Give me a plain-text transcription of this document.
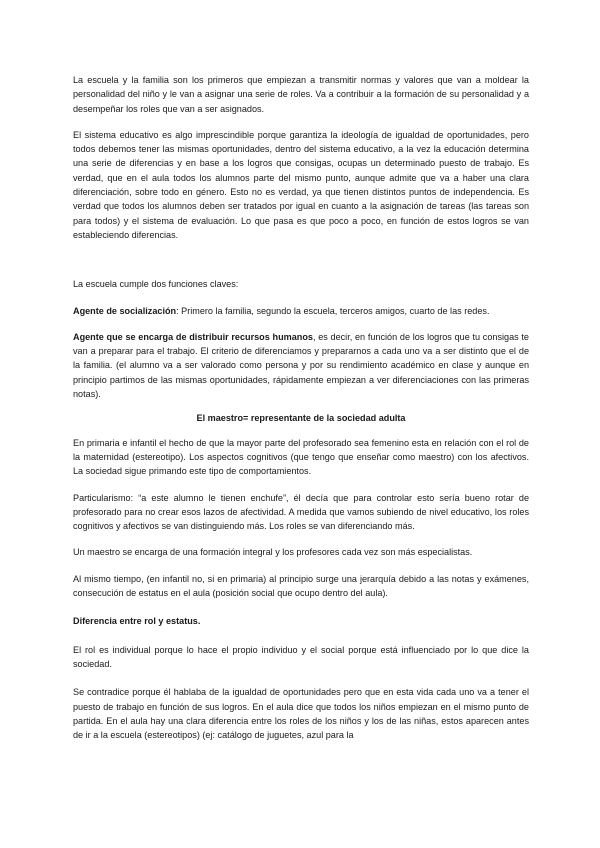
La escuela y la familia son los primeros que empiezan a transmitir normas y valores que van a moldear la personalidad del niño y le van a asignar una serie de roles. Va a contribuir a la formación de su personalidad y a desempeñar los roles que van a ser asignados.

El sistema educativo es algo imprescindible porque garantiza la ideología de igualdad de oportunidades, pero todos debemos tener las mismas oportunidades, dentro del sistema educativo, a la vez la educación determina una serie de diferencias y en base a los logros que consigas, ocupas un determinado puesto de trabajo. Es verdad, que en el aula todos los alumnos parte del mismo punto, aunque admite que va a haber una clara diferenciación, sobre todo en género. Esto no es verdad, ya que tienen distintos puntos de independencia. Es verdad que todos los alumnos deben ser tratados por igual en cuanto a la asignación de tareas (las tareas son para todos) y el sistema de evaluación. Lo que pasa es que poco a poco, en función de estos logros se van estableciendo diferencias.

La escuela cumple dos funciones claves:

Agente de socialización: Primero la familia, segundo la escuela, terceros amigos, cuarto de las redes.

Agente que se encarga de distribuir recursos humanos, es decir, en función de los logros que tu consigas te van a preparar para el trabajo. El criterio de diferenciamos y prepararnos a cada uno va a ser distinto que el de la familia. (el alumno va a ser valorado como persona y por su rendimiento académico en clase y aunque en principio partimos de las mismas oportunidades, rápidamente empiezan a ver diferenciaciones con las primeras notas).

El maestro= representante de la sociedad adulta

En primaria e infantil el hecho de que la mayor parte del profesorado sea femenino esta en relación con el rol de la maternidad (estereotipo). Los aspectos cognitivos (que tengo que enseñar como maestro) con los afectivos. La sociedad sigue primando este tipo de comportamientos.

Particularismo: “a este alumno le tienen enchufe”, él decía que para controlar esto sería bueno rotar de profesorado para no crear esos lazos de afectividad. A medida que vamos subiendo de nivel educativo, los roles cognitivos y afectivos se van distinguiendo más. Los roles se van diferenciando más.

Un maestro se encarga de una formación integral y los profesores cada vez son más especialistas.

Al mismo tiempo, (en infantil no, si en primaria) al principio surge una jerarquía debido a las notas y exámenes, consecución de estatus en el aula (posición social que ocupo dentro del aula).

Diferencia entre rol y estatus.

El rol es individual porque lo hace el propio individuo y el social porque está influenciado por lo que dice la sociedad.

Se contradice porque él hablaba de la igualdad de oportunidades pero que en esta vida cada uno va a tener el puesto de trabajo en función de sus logros. En el aula dice que todos los niños empiezan en el mismo punto de partida. En el aula hay una clara diferencia entre los roles de los niños y los de las niñas, estos aparecen antes de ir a la escuela (estereotipos) (ej: catálogo de juguetes, azul para la
